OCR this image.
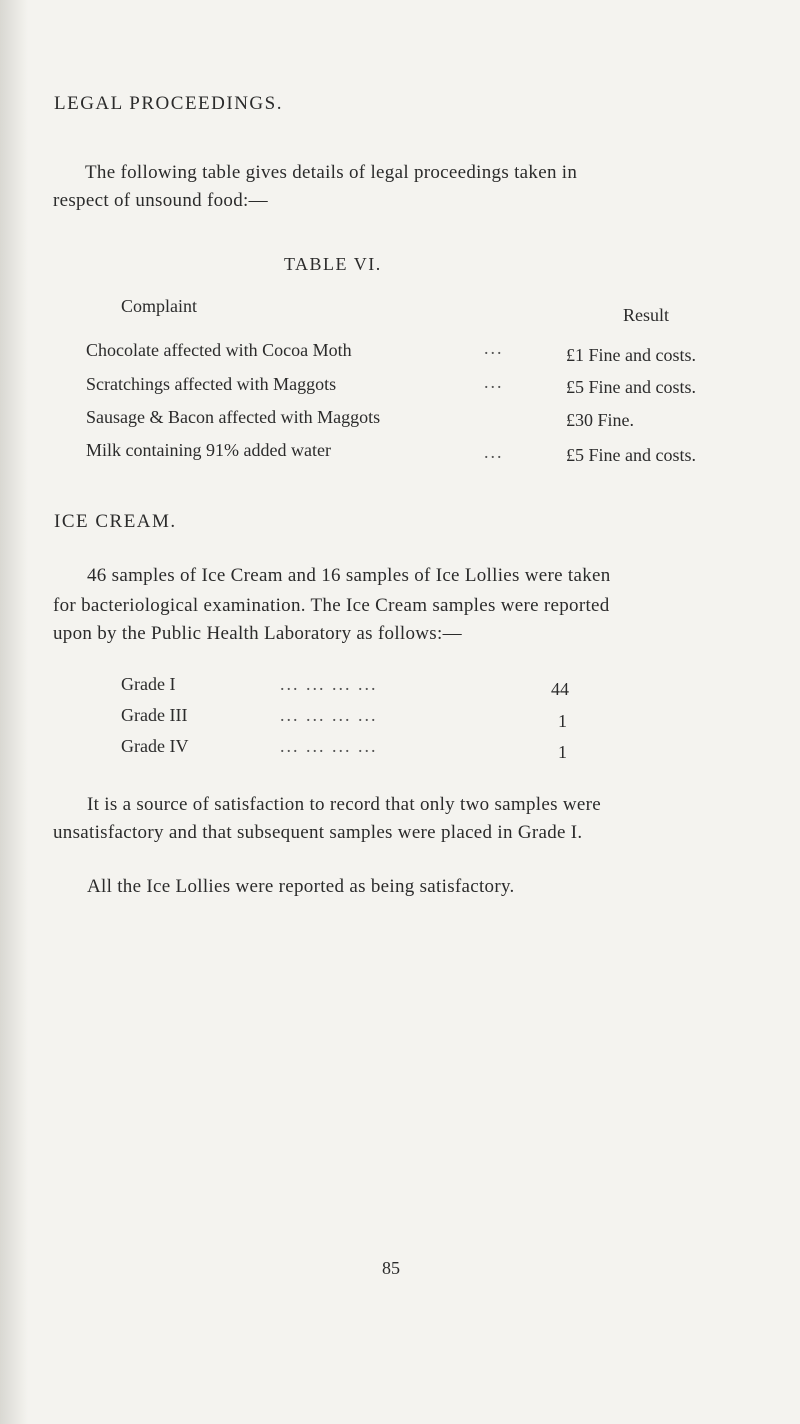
LEGAL PROCEEDINGS.
The following table gives details of legal proceedings taken in
respect of unsound food:—
TABLE VI.
Complaint	Result
Chocolate affected with Cocoa Moth	...	£1 Fine and costs.
Scratchings affected with Maggots	...	£5 Fine and costs.
Sausage & Bacon affected with Maggots	£30 Fine.
Milk containing 91% added water	...	£5 Fine and costs.
ICE CREAM.
46 samples of Ice Cream and 16 samples of Ice Lollies were taken
for bacteriological examination. The Ice Cream samples were reported
upon by the Public Health Laboratory as follows:—
Grade I	... ... ... ...	44
Grade III	... ... ... ...	1
Grade IV	... ... ... ...	1
It is a source of satisfaction to record that only two samples were
unsatisfactory and that subsequent samples were placed in Grade I.
All the Ice Lollies were reported as being satisfactory.
85
